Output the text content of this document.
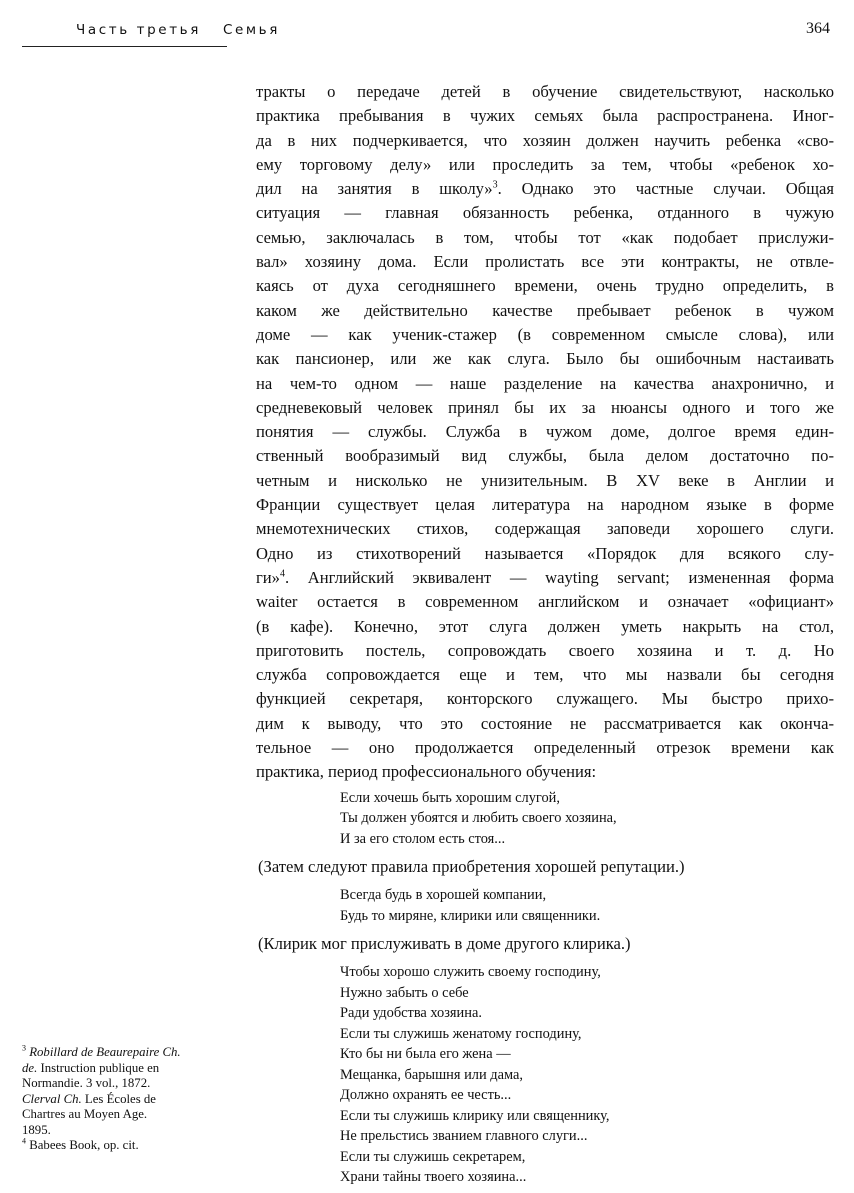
Часть третья Семья	364
тракты о передаче детей в обучение свидетельствуют, насколько
практика пребывания в чужих семьях была распространена. Иног-
да в них подчеркивается, что хозяин должен научить ребенка «сво-
ему торговому делу» или проследить за тем, чтобы «ребенок хо-
дил на занятия в школу»$^3$. Однако это частные случаи. Общая
ситуация — главная обязанность ребенка, отданного в чужую
семью, заключалась в том, чтобы тот «как подобает прислужи-
вал» хозяину дома. Если пролистать все эти контракты, не отвле-
каясь от духа сегодняшнего времени, очень трудно определить, в
каком же действительно качестве пребывает ребенок в чужом
доме — как ученик-стажер (в современном смысле слова), или
как пансионер, или же как слуга. Было бы ошибочным настаивать
на чем-то одном — наше разделение на качества анахронично, и
средневековый человек принял бы их за нюансы одного и того же
понятия — службы. Служба в чужом доме, долгое время един-
ственный вообразимый вид службы, была делом достаточно по-
четным и нисколько не унизительным. В XV веке в Англии и
Франции существует целая литература на народном языке в форме
мнемотехнических стихов, содержащая заповеди хорошего слуги.
Одно из стихотворений называется «Порядок для всякого слу-
ги»$^4$. Английский эквивалент — wayting servant; измененная форма
waiter остается в современном английском и означает «официант»
(в кафе). Конечно, этот слуга должен уметь накрыть на стол,
приготовить постель, сопровождать своего хозяина и т. д. Но
служба сопровождается еще и тем, что мы назвали бы сегодня
функцией секретаря, конторского служащего. Мы быстро прихо-
дим к выводу, что это состояние не рассматривается как оконча-
тельное — оно продолжается определенный отрезок времени как
практика, период профессионального обучения:
Если хочешь быть хорошим слугой,
Ты должен убоятся и любить своего хозяина,
И за его столом есть стоя...
(Затем следуют правила приобретения хорошей репутации.)
Всегда будь в хорошей компании,
Будь то миряне, клирики или священники.
(Клирик мог прислуживать в доме другого клирика.)
Чтобы хорошо служить своему господину,
Нужно забыть о себе
Ради удобства хозяина.
Если ты служишь женатому господину,
Кто бы ни была его жена —
Мещанка, барышня или дама,
Должно охранять ее честь...
Если ты служишь клирику или священнику,
Не прельстись званием главного слуги...
Если ты служишь секретарем,
Храни тайны твоего хозяина...
$^3$ Robillard de Beaurepaire Ch.
de. Instruction publique en
Normandie. 3 vol., 1872.
Clerval Ch. Les Écoles de
Chartres au Moyen Age.
1895.
$^4$ Babees Book, op. cit.
